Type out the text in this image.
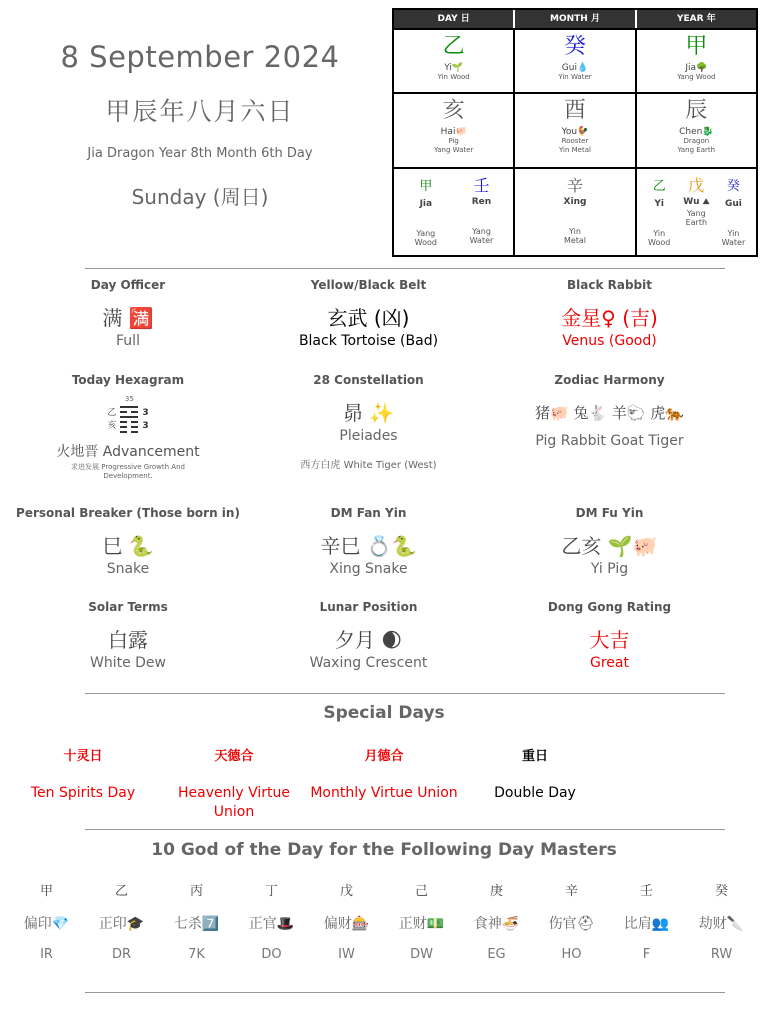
8 September 2024
甲辰年八月六日
Jia Dragon Year 8th Month 6th Day
Sunday (周日)
DAY 日	MONTH 月	YEAR 年
乙
Yi🌱
Yin Wood
癸
Gui💧
Yin Water
甲
Jia🌳
Yang Wood
亥
Hai🐖
Pig
Yang Water
酉
You🐓
Rooster
Yin Metal
辰
Chen🐉
Dragon
Yang Earth
甲
Jia
Yang
Wood
壬
Ren
Yang
Water
辛
Xing
Yin
Metal
乙
Yi
Yin
Wood
戊
Wu ⛰
Yang
Earth
癸
Gui
Yin
Water
Day Officer
满 🈵
Full
Yellow/Black Belt
玄武 (凶)
Black Tortoise (Bad)
Black Rabbit
金星♀ (吉)
Venus (Good)
Today Hexagram
乙
亥
35
3
3
火地晋 Advancement
求进发展 Progressive Growth And Development.
28 Constellation
昴 ✨
Pleiades
西方白虎 White Tiger (West)
Zodiac Harmony
猪🐖 兔🐇 羊🐑 虎🐅
Pig Rabbit Goat Tiger
Personal Breaker (Those born in)
巳 🐍
Snake
DM Fan Yin
辛巳 💍🐍
Xing Snake
DM Fu Yin
乙亥 🌱🐖
Yi Pig
Solar Terms
白露
White Dew
Lunar Position
夕月 🌒
Waxing Crescent
Dong Gong Rating
大吉
Great
Special Days
十灵日
Ten Spirits Day
天德合
Heavenly Virtue Union
月德合
Monthly Virtue Union
重日
Double Day
10 God of the Day for the Following Day Masters
甲
偏印💎
IR
乙
正印🎓
DR
丙
七杀7️⃣
7K
丁
正官🎩
DO
戊
偏财🎰
IW
己
正财💵
DW
庚
食神🍜
EG
辛
伤官⛑
HO
壬
比肩👥
F
癸
劫财🔪
RW
